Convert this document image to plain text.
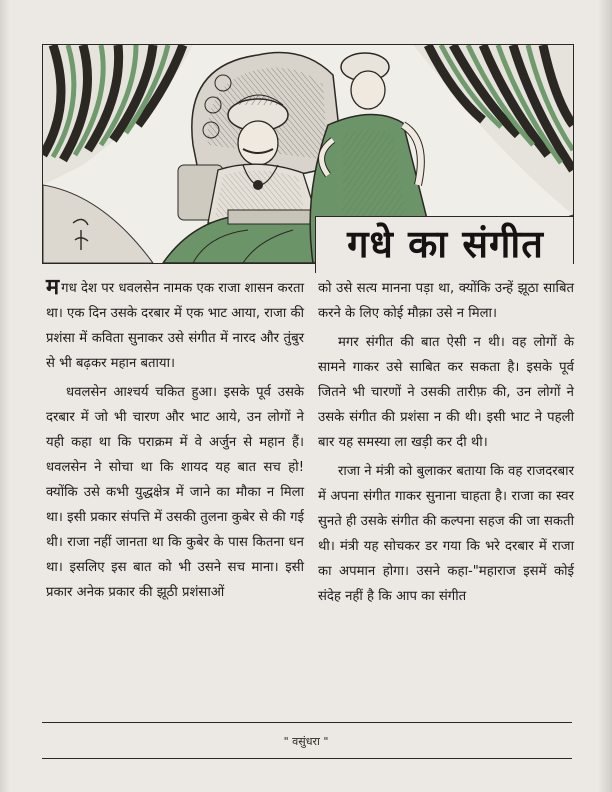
गधे का संगीत

मगध देश पर धवलसेन नामक एक राजा शासन करता था। एक दिन उसके दरबार में एक भाट आया, राजा की प्रशंसा में कविता सुनाकर उसे संगीत में नारद और तुंबुर से भी बढ़कर महान बताया।

धवलसेन आश्चर्य चकित हुआ। इसके पूर्व उसके दरबार में जो भी चारण और भाट आये, उन लोगों ने यही कहा था कि पराक्रम में वे अर्जुन से महान हैं। धवलसेन ने सोचा था कि शायद यह बात सच हो! क्योंकि उसे कभी युद्धक्षेत्र में जाने का मौका न मिला था। इसी प्रकार संपत्ति में उसकी तुलना कुबेर से की गई थी। राजा नहीं जानता था कि कुबेर के पास कितना धन था। इसलिए इस बात को भी उसने सच माना। इसी प्रकार अनेक प्रकार की झूठी प्रशंसाओं

को उसे सत्य मानना पड़ा था, क्योंकि उन्हें झूठा साबित करने के लिए कोई मौक़ा उसे न मिला।

मगर संगीत की बात ऐसी न थी। वह लोगों के सामने गाकर उसे साबित कर सकता है। इसके पूर्व जितने भी चारणों ने उसकी तारीफ़ की, उन लोगों ने उसके संगीत की प्रशंसा न की थी। इसी भाट ने पहली बार यह समस्या ला खड़ी कर दी थी।

राजा ने मंत्री को बुलाकर बताया कि वह राजदरबार में अपना संगीत गाकर सुनाना चाहता है। राजा का स्वर सुनते ही उसके संगीत की कल्पना सहज की जा सकती थी। मंत्री यह सोचकर डर गया कि भरे दरबार में राजा का अपमान होगा। उसने कहा-"महाराज इसमें कोई संदेह नहीं है कि आप का संगीत

" वसुंधरा "
